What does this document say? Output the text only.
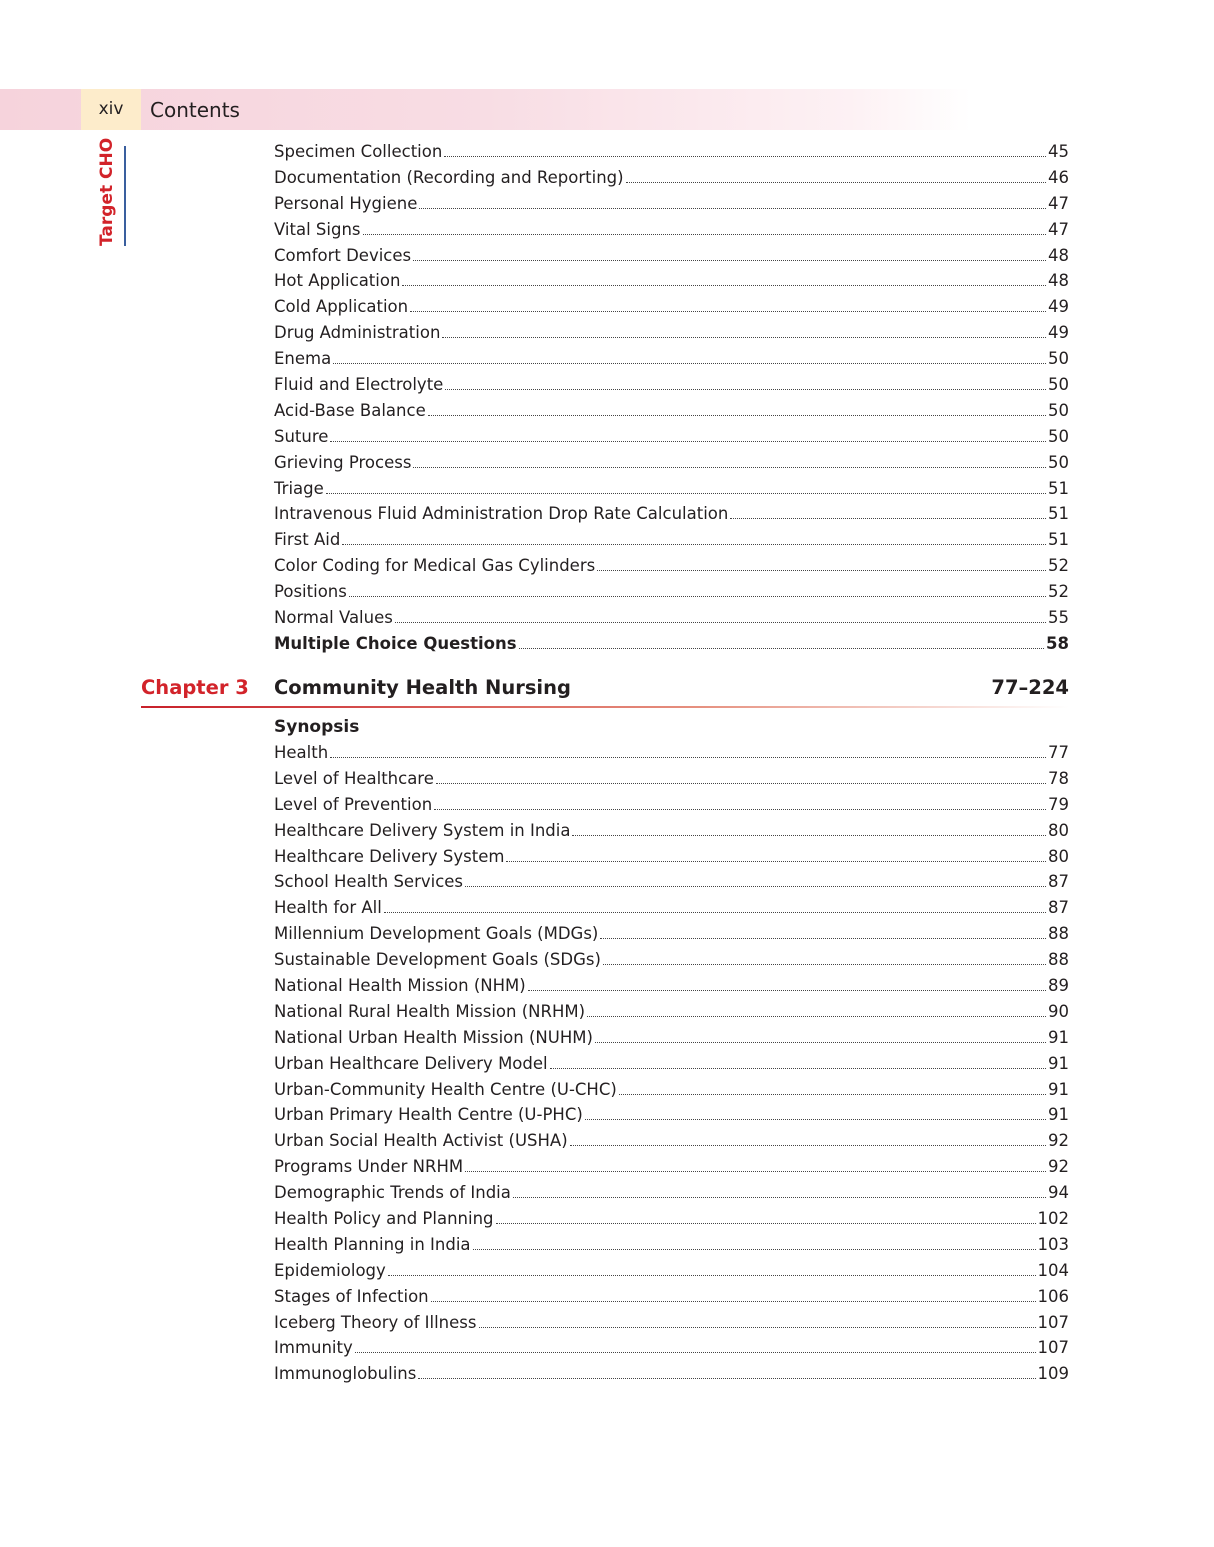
xiv	Contents
Target CHO	Specimen Collection	45
Documentation (Recording and Reporting)	46
Personal Hygiene	47
Vital Signs	47
Comfort Devices	48
Hot Application	48
Cold Application	49
Drug Administration	49
Enema	50
Fluid and Electrolyte	50
Acid-Base Balance	50
Suture	50
Grieving Process	50
Triage	51
Intravenous Fluid Administration Drop Rate Calculation	51
First Aid	51
Color Coding for Medical Gas Cylinders	52
Positions	52
Normal Values	55
Multiple Choice Questions	58
Chapter 3 Community Health Nursing	77–224
Synopsis
Health	77
Level of Healthcare	78
Level of Prevention	79
Healthcare Delivery System in India	80
Healthcare Delivery System	80
School Health Services	87
Health for All	87
Millennium Development Goals (MDGs)	88
Sustainable Development Goals (SDGs)	88
National Health Mission (NHM)	89
National Rural Health Mission (NRHM)	90
National Urban Health Mission (NUHM)	91
Urban Healthcare Delivery Model	91
Urban-Community Health Centre (U-CHC)	91
Urban Primary Health Centre (U-PHC)	91
Urban Social Health Activist (USHA)	92
Programs Under NRHM	92
Demographic Trends of India	94
Health Policy and Planning	102
Health Planning in India	103
Epidemiology	104
Stages of Infection	106
Iceberg Theory of Illness	107
Immunity	107
Immunoglobulins	109
